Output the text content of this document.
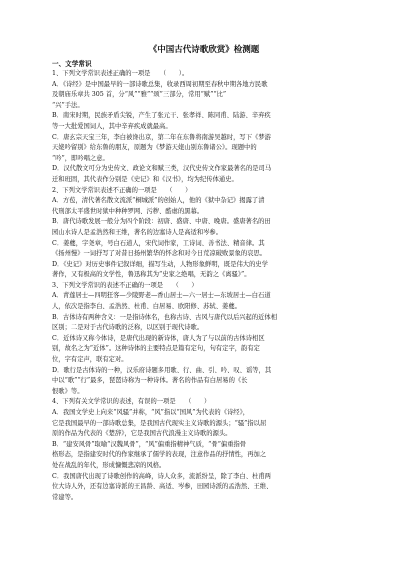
《中国古代诗歌欣赏》检测题
一、文学常识
1、下列文学常识表述正确的一项是　　（　　）。
A．《诗经》是中国最早的一部诗歌总集，收录西周初期至春秋中期各地方民歌
及朝庙乐章共 305 首，分“风”“雅”“颂”三部分，常用“赋”“比”
“兴”手法。
B．南宋时期，民族矛盾尖锐，产生了张元干、张孝祥、陈同甫、陆游、辛弃疾
等一大批爱国词人，其中辛弃疾成就最高。
C．唐玄宗天宝三年，李白被谗出京，第二年在东鲁将南游吴越时，写下《梦游
天姥吟留别》给东鲁的朋友，原题为《梦游天姥山别东鲁诸公》。现题中的
“吟”，即吟唱之意。
D．汉代散文可分为史传文、政论文和赋三类，汉代史传文作家最著名的是司马
迁和班固，其代表作分别是《史记》和《汉书》，均为纪传体通史。
2、下列文学常识表述不正确的一项是　　（　　）
A．方苞，清代著名散文流派“桐城派”的创始人，他的《狱中杂记》揭露了清
代刑部太平盛世时狱中种种罗网、污秽、酷虐的黑幕。
B．唐代诗歌发展一般分为四个阶段：初唐、盛唐、中唐、晚唐。盛唐著名的田
园山水诗人是孟浩然和王维，著名的边塞诗人是高适和岑参。
C．姜夔，字尧章，号白石道人，宋代词作家，工诗词、善书法、精音律。其
《扬州慢》一词抒写了对昔日扬州繁华的怀念和对今日荒凉破败景象的哀思。
D．《史记》对历史事件记叙详细，描写生动，人物形象鲜明，既是伟大的史学
著作，又有极高的文学性，鲁迅称其为“史家之绝唱，无韵之《离骚》”。
3、下列文学常识的表述不正确的一项是　　（　　）
A．青莲居士—四明狂客—少陵野老—香山居士—六一居士—东坡居士—白石道
人，依次是指李白、孟浩然、杜甫、白居易、欧阳修、苏轼、姜夔。
B．古体诗有两种含义：一是指诗体名，也称古诗、古风与唐代以后兴起的近体相
区别；二是对于古代诗歌的泛称，以区别于现代诗歌。
C．近体诗又称今体诗，是唐代出现的新诗体，唐人为了与以前的古体诗相区
别，故名之为“近体”。这种诗体的主要特点是篇有定句，句有定字，韵有定
位，字有定声，联有定对。
D．歌行是古体诗的一种，汉乐府诗题多用歌、行、曲、引、吟、叹、谣等，其
中以“歌”“行”最多，琵琶诗称为一种诗体。著名的作品有白居易的《长
恨歌》等。
4、下列有关文学常识的表述，有误的一项是　　（　　）
A．我国文学史上向来“风骚”并称，“风”指以“国风”为代表的《诗经》，
它是我国最早的一部诗歌总集，是我国古代现实主义诗歌的源头；“骚”指以屈
原的作品为代表的《楚辞》，它是我国古代浪漫主义诗歌的源头。
B．“建安风骨”取喻“汉魏风骨”，“风”偏重指精神气质，“骨”偏重指骨
格形态，是指建安时代的作家继承了儒学的表现，注意作品的抒情性，再加之
处在战乱的年代，形成慷慨悲凉的风格。
C．我国唐代出现了诗歌创作的高峰，诗人众多，流派纷呈，除了李白、杜甫两
位大诗人外，还有边塞诗派的王昌龄、高适、岑参，田园诗派的孟浩然、王维、
常建等。
